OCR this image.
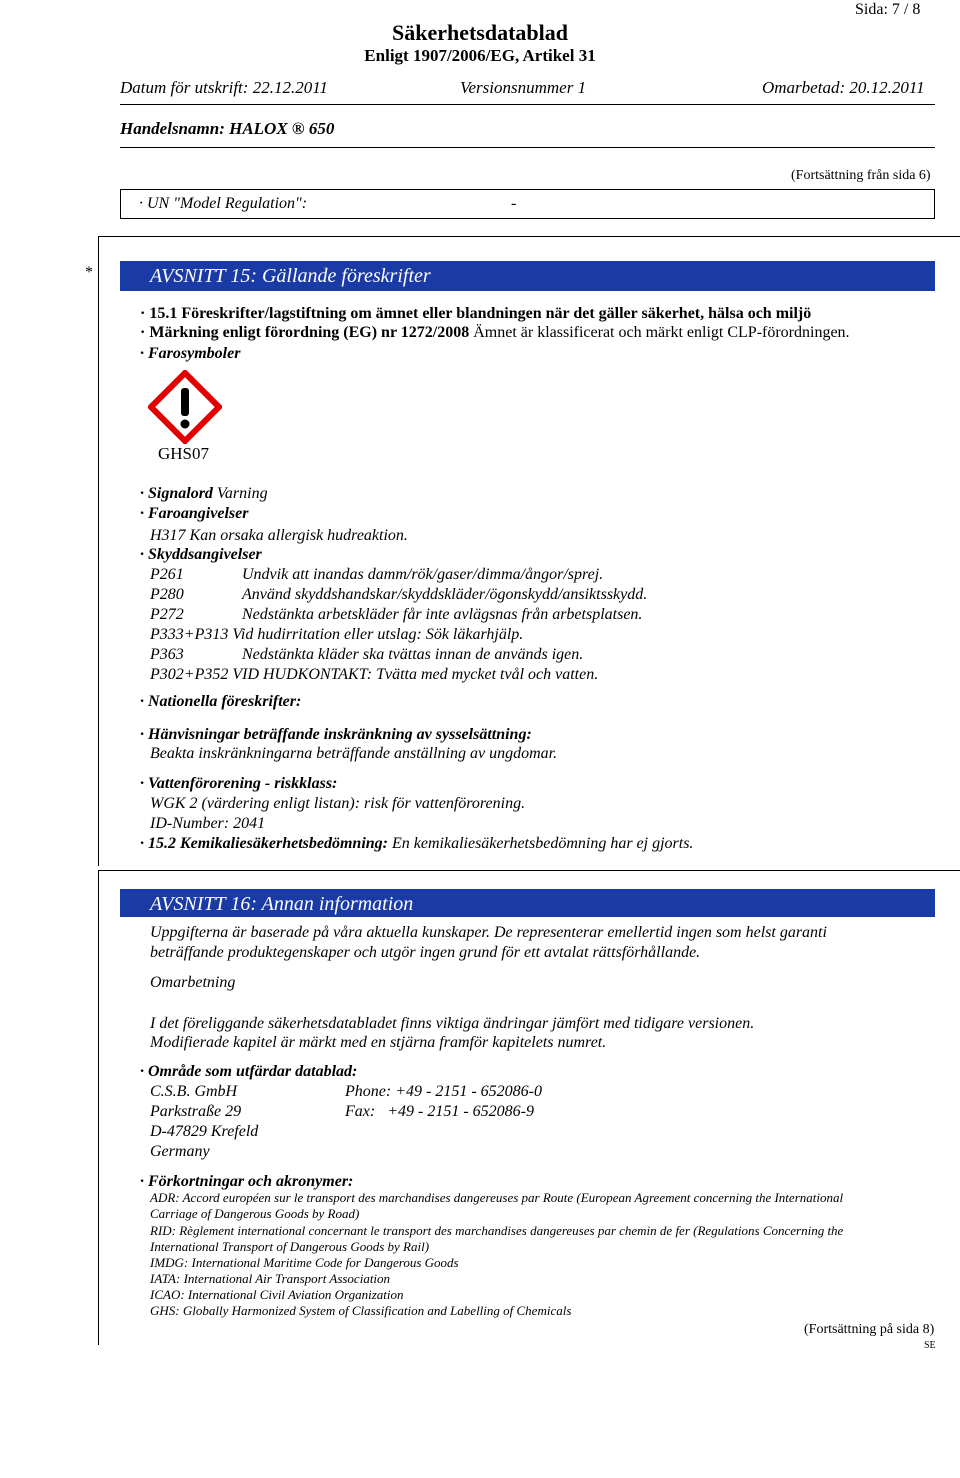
Sida: 7 / 8
Säkerhetsdatablad
Enligt 1907/2006/EG, Artikel 31
Datum för utskrift: 22.12.2011	Versionsnummer 1	Omarbetad: 20.12.2011
Handelsnamn: HALOX ® 650
(Fortsättning från sida 6)
· UN "Model Regulation":	-
*	AVSNITT 15: Gällande föreskrifter
· 15.1 Föreskrifter/lagstiftning om ämnet eller blandningen när det gäller säkerhet, hälsa och miljö
· Märkning enligt förordning (EG) nr 1272/2008 Ämnet är klassificerat och märkt enligt CLP-förordningen.
· Farosymboler
GHS07
· Signalord Varning
· Faroangivelser
H317 Kan orsaka allergisk hudreaktion.
· Skyddsangivelser
P261	Undvik att inandas damm/rök/gaser/dimma/ångor/sprej.
P280	Använd skyddshandskar/skyddskläder/ögonskydd/ansiktsskydd.
P272	Nedstänkta arbetskläder får inte avlägsnas från arbetsplatsen.
P333+P313 Vid hudirritation eller utslag: Sök läkarhjälp.
P363	Nedstänkta kläder ska tvättas innan de används igen.
P302+P352 VID HUDKONTAKT: Tvätta med mycket tvål och vatten.
· Nationella föreskrifter:
· Hänvisningar beträffande inskränkning av sysselsättning:
Beakta inskränkningarna beträffande anställning av ungdomar.
· Vattenförorening - riskklass:
WGK 2 (värdering enligt listan): risk för vattenförorening.
ID-Number: 2041
· 15.2 Kemikaliesäkerhetsbedömning: En kemikaliesäkerhetsbedömning har ej gjorts.
AVSNITT 16: Annan information
Uppgifterna är baserade på våra aktuella kunskaper. De representerar emellertid ingen som helst garanti
beträffande produktegenskaper och utgör ingen grund för ett avtalat rättsförhållande.
Omarbetning
I det föreliggande säkerhetsdatabladet finns viktiga ändringar jämfört med tidigare versionen.
Modifierade kapitel är märkt med en stjärna framför kapitelets numret.
· Område som utfärdar datablad:
C.S.B. GmbH	Phone: +49 - 2151 - 652086-0
Parkstraße 29	Fax:   +49 - 2151 - 652086-9
D-47829 Krefeld
Germany
· Förkortningar och akronymer:
ADR: Accord européen sur le transport des marchandises dangereuses par Route (European Agreement concerning the International
Carriage of Dangerous Goods by Road)
RID: Règlement international concernant le transport des marchandises dangereuses par chemin de fer (Regulations Concerning the
International Transport of Dangerous Goods by Rail)
IMDG: International Maritime Code for Dangerous Goods
IATA: International Air Transport Association
ICAO: International Civil Aviation Organization
GHS: Globally Harmonized System of Classification and Labelling of Chemicals
(Fortsättning på sida 8)
SE
